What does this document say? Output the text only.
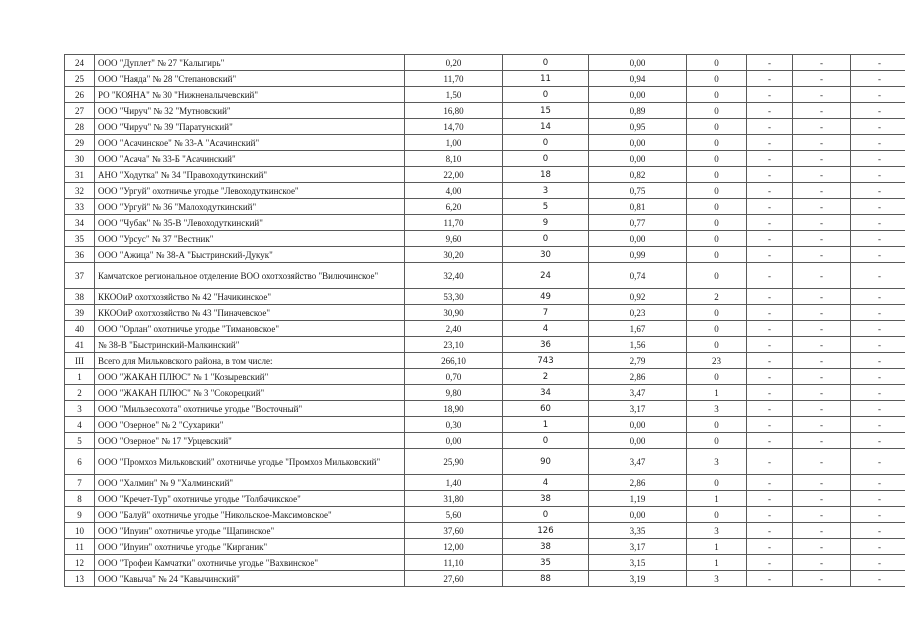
24	ООО "Дуплет" № 27 "Калыгирь"	0,20	0	0,00	0	-	-	-
25	ООО "Наяда" № 28 "Степановский"	11,70	11	0,94	0	-	-	-
26	РО "КОЯНА" № 30 "Нижненалычевский"	1,50	0	0,00	0	-	-	-
27	ООО "Чируч" № 32 "Мутновский"	16,80	15	0,89	0	-	-	-
28	ООО "Чируч" № 39 "Паратунский"	14,70	14	0,95	0	-	-	-
29	ООО "Асачинское" № 33-А "Асачинский"	1,00	0	0,00	0	-	-	-
30	ООО "Асача" № 33-Б "Асачинский"	8,10	0	0,00	0	-	-	-
31	АНО "Ходутка" № 34 "Правоходуткинский"	22,00	18	0,82	0	-	-	-
32	ООО "Ургуй" охотничье угодье "Левоходуткинское"	4,00	3	0,75	0	-	-	-
33	ООО "Ургуй" № 36 "Малоходуткинский"	6,20	5	0,81	0	-	-	-
34	ООО "Чубак" № 35-В "Левоходуткинский"	11,70	9	0,77	0	-	-	-
35	ООО "Урсус" № 37 "Вестник"	9,60	0	0,00	0	-	-	-
36	ООО "Ажица" № 38-А "Быстринский-Дукук"	30,20	30	0,99	0	-	-	-
37	Камчатское региональное отделение ВОО охотхозяйство "Вилючинское"	32,40	24	0,74	0	-	-	-
38	ККООиР охотхозяйство № 42 "Начикинское"	53,30	49	0,92	2	-	-	-
39	ККООиР охотхозяйство № 43 "Пиначевское"	30,90	7	0,23	0	-	-	-
40	ООО "Орлан" охотничье угодье "Тимановское"	2,40	4	1,67	0	-	-	-
41	№ 38-В "Быстринский-Малкинский"	23,10	36	1,56	0	-	-	-
III	Всего для Мильковского района, в том числе:	266,10	743	2,79	23	-	-	-
1	ООО "ЖАКАН ПЛЮС" № 1 "Козыревский"	0,70	2	2,86	0	-	-	-
2	ООО "ЖАКАН ПЛЮС" № 3 "Сокорецкий"	9,80	34	3,47	1	-	-	-
3	ООО "Мильзесохота" охотничье угодье "Восточный"	18,90	60	3,17	3	-	-	-
4	ООО "Озерное" № 2 "Сухарики"	0,30	1	0,00	0	-	-	-
5	ООО "Озерное" № 17 "Урцевский"	0,00	0	0,00	0	-	-	-
6	ООО "Промхоз Мильковский" охотничье угодье "Промхоз Мильковский"	25,90	90	3,47	3	-	-	-
7	ООО "Халмин" № 9 "Халминский"	1,40	4	2,86	0	-	-	-
8	ООО "Кречет-Тур" охотничье угодье "Толбачикское"	31,80	38	1,19	1	-	-	-
9	ООО "Балуй" охотничье угодье "Никольское-Максимовское"	5,60	0	0,00	0	-	-	-
10	ООО "Иnуин" охотничье угодье "Щапинское"	37,60	126	3,35	3	-	-	-
11	ООО "Иnуин" охотничье угодье "Кирганик"	12,00	38	3,17	1	-	-	-
12	ООО "Трофеи Камчатки" охотничье угодье "Вахвинское"	11,10	35	3,15	1	-	-	-
13	ООО "Кавыча" № 24 "Кавычинский"	27,60	88	3,19	3	-	-	-
